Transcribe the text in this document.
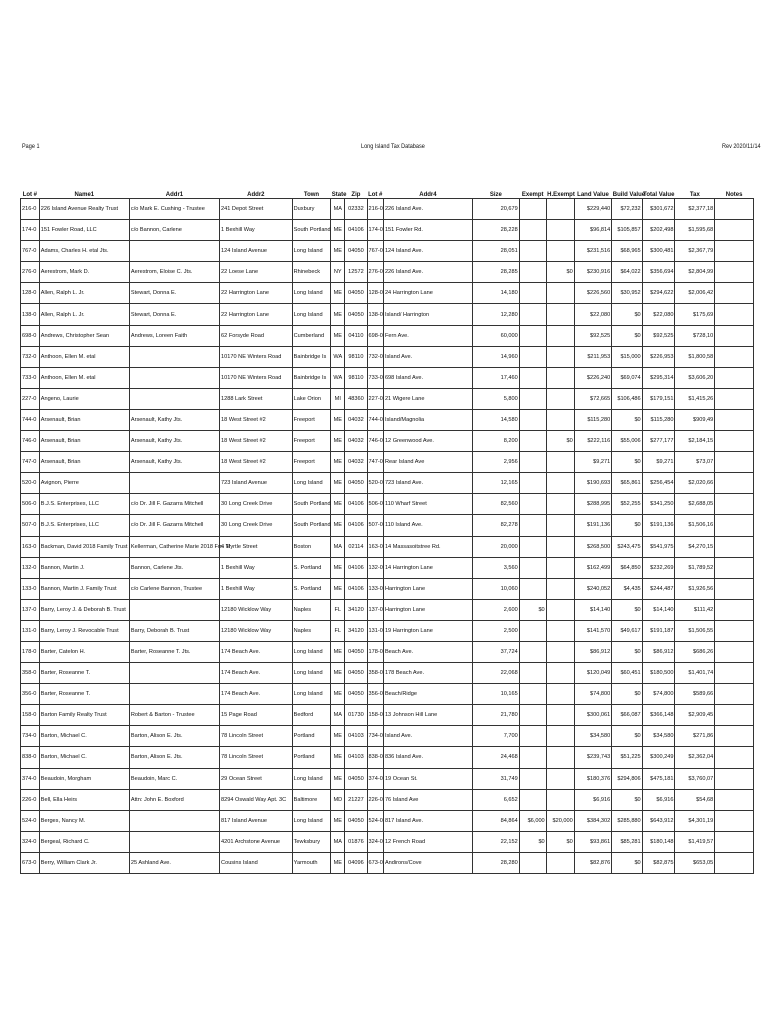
Page 1	Long Island Tax Database	Rev 2020/11/14
Lot #	Name1	Addr1	Addr2	Town	State	Zip	Lot #	Addr4	Size	Exempt	H.Exempt	Land Value	Build Value	Total Value	Tax	Notes
216-0	226 Island Avenue Realty Trust	c/o Mark E. Cushing - Trustee	241 Depot Street	Duxbury	MA	02332	216-0	226 Island Ave.	20,679			$229,440	$72,232	$301,672	$2,377,18	
174-0	151 Fowler Road, LLC	c/o Bannon, Carlene	1 Bexhill Way	South Portland	ME	04106	174-0	151 Fowler Rd.	28,228			$96,814	$105,857	$202,498	$1,595,68	
767-0	Adams, Charles H. etal Jts.		124 Island Avenue	Long Island	ME	04050	767-0	124 Island Ave.	28,051			$231,516	$68,965	$300,481	$2,367,79	
276-0	Aerestrom, Mark D.	Aerestrom, Eloise C. Jts.	22 Loese Lane	Rhinebeck	NY	12572	276-0	226 Island Ave.	28,285		$0	$230,916	$64,022	$356,694	$2,804,99	
128-0	Allen, Ralph L. Jr.	Stewart, Donna E.	22 Harrington Lane	Long Island	ME	04050	128-0	24 Harrington Lane	14,180			$226,560	$30,952	$294,622	$2,006,42	
138-0	Allen, Ralph L. Jr.	Stewart, Donna E.	22 Harrington Lane	Long Island	ME	04050	138-0	Island/ Harrington	12,280			$22,080	$0	$22,080	$175,69	
698-0	Andrews, Christopher Sean	Andrews, Loreen Faith	62 Forsyde Road	Cumberland	ME	04110	698-0	Fern Ave.	60,000			$92,525	$0	$92,525	$728,10	
732-0	Anthoon, Ellen M. etal		10170 NE Winters Road	Bainbridge Is	WA	98110	732-0	Island Ave.	14,960			$211,953	$15,000	$226,953	$1,800,58	
733-0	Anthoon, Ellen M. etal		10170 NE Winters Road	Bainbridge Is	WA	98110	733-0	698 Island Ave.	17,460			$226,240	$69,074	$295,314	$3,606,20	
227-0	Angeno, Laurie		1288 Lark Street	Lake Orion	MI	48360	227-0	21 Wigere Lane	5,800			$72,665	$106,486	$179,151	$1,415,26	
744-0	Arsenault, Brian	Arsenault, Kathy Jts.	18 West Street #2	Freeport	ME	04032	744-0	Island/Magnolia	14,580			$115,280	$0	$115,280	$909,49	
746-0	Arsenault, Brian	Arsenault, Kathy Jts.	18 West Street #2	Freeport	ME	04032	746-0	12 Greenwood Ave.	8,200		$0	$222,116	$55,006	$277,177	$2,184,15	
747-0	Arsenault, Brian	Arsenault, Kathy Jts.	18 West Street #2	Freeport	ME	04032	747-0	Rear Island Ave	2,956			$9,271	$0	$9,271	$73,07	
520-0	Avignon, Pierre		723 Island Avenue	Long Island	ME	04050	520-0	723 Island Ave.	12,165			$190,693	$65,861	$256,454	$2,020,66	
506-0	B.J.S. Enterprises, LLC	c/o Dr. Jill F. Gazarra Mitchell	30 Long Creek Drive	South Portland	ME	04106	506-0	110 Wharf Street	82,560			$288,995	$52,255	$341,250	$2,688,05	
507-0	B.J.S. Enterprises, LLC	c/o Dr. Jill F. Gazarra Mitchell	30 Long Creek Drive	South Portland	ME	04106	507-0	110 Island Ave.	82,278			$191,136	$0	$191,136	$1,506,16	
163-0	Backman, David 2018 Family Trust	Kellerman, Catherine Marie 2018 Fm. Tr	4 Myrtle Street	Boston	MA	02114	163-0	14 Massasoitstree Rd.	20,000			$268,500	$243,475	$541,975	$4,270,15	
132-0	Bannon, Martin J.	Bannon, Carlene Jts.	1 Bexhill Way	S. Portland	ME	04106	132-0	14 Harrington Lane	3,560			$162,499	$64,850	$232,269	$1,789,52	
133-0	Bannon, Martin J. Family Trust	c/o Carlene Bannon, Trustee	1 Bexhill Way	S. Portland	ME	04106	133-0	Harrington Lane	10,060			$240,052	$4,435	$244,487	$1,926,56	
137-0	Barry, Leroy J. & Deborah B. Trust		12180 Wicklow Way	Naples	FL	34120	137-0	Harrington Lane	2,600	$0		$14,140	$0	$14,140	$111,42	
131-0	Barry, Leroy J. Revocable Trust	Barry, Deborah B. Trust	12180 Wicklow Way	Naples	FL	34120	131-0	19 Harrington Lane	2,500			$141,570	$49,617	$191,187	$1,506,55	
178-0	Barter, Catelon H.	Barter, Roseanne T. Jts.	174 Beach Ave.	Long Island	ME	04050	178-0	Beach Ave.	37,724			$86,912	$0	$86,912	$686,26	
358-0	Barter, Roseanne T.		174 Beach Ave.	Long Island	ME	04050	358-0	178 Beach Ave.	22,068			$120,049	$60,451	$180,500	$1,401,74	
356-0	Barter, Roseanne T.		174 Beach Ave.	Long Island	ME	04050	356-0	Beach/Ridge	10,165			$74,800	$0	$74,800	$589,66	
158-0	Barton Family Realty Trust	Robert & Barton - Trustee	15 Page Road	Bedford	MA	01730	158-0	13 Johnson Hill Lane	21,780			$300,061	$66,087	$366,148	$2,909,45	
734-0	Barton, Michael C.	Barton, Alison E. Jts.	78 Lincoln Street	Portland	ME	04103	734-0	Island Ave.	7,700			$34,580	$0	$34,580	$271,86	
838-0	Barton, Michael C.	Barton, Alison E. Jts.	78 Lincoln Street	Portland	ME	04103	838-0	836 Island Ave.	24,468			$239,743	$51,225	$300,249	$2,362,04	
374-0	Beaudoin, Morgham	Beaudoin, Marc C.	29 Ocean Street	Long Island	ME	04050	374-0	19 Ocean St.	31,749			$180,376	$294,806	$475,181	$3,760,07	
226-0	Bell, Ella Heirs	Attn: John E. Boxford	8294 Oswald Way Apt. 3C	Baltimore	MD	21227	226-0	76 Island Ave	6,652			$6,916	$0	$6,916	$54,68	
524-0	Berges, Nancy M.		817 Island Avenue	Long Island	ME	04050	524-0	817 Island Ave.	84,864	$6,000	$20,000	$384,302	$285,880	$643,912	$4,301,19	
324-0	Bergeal, Richard C.		4201 Archstone Avenue	Tewksbury	MA	01876	324-0	12 French Road	22,152	$0	$0	$93,861	$85,281	$180,148	$1,419,57	
673-0	Berry, William Clark Jr.	25 Ashland Ave.	Cousins Island	Yarmouth	ME	04096	673-0	Andirons/Cove	28,280			$82,876	$0	$82,875	$653,05	
